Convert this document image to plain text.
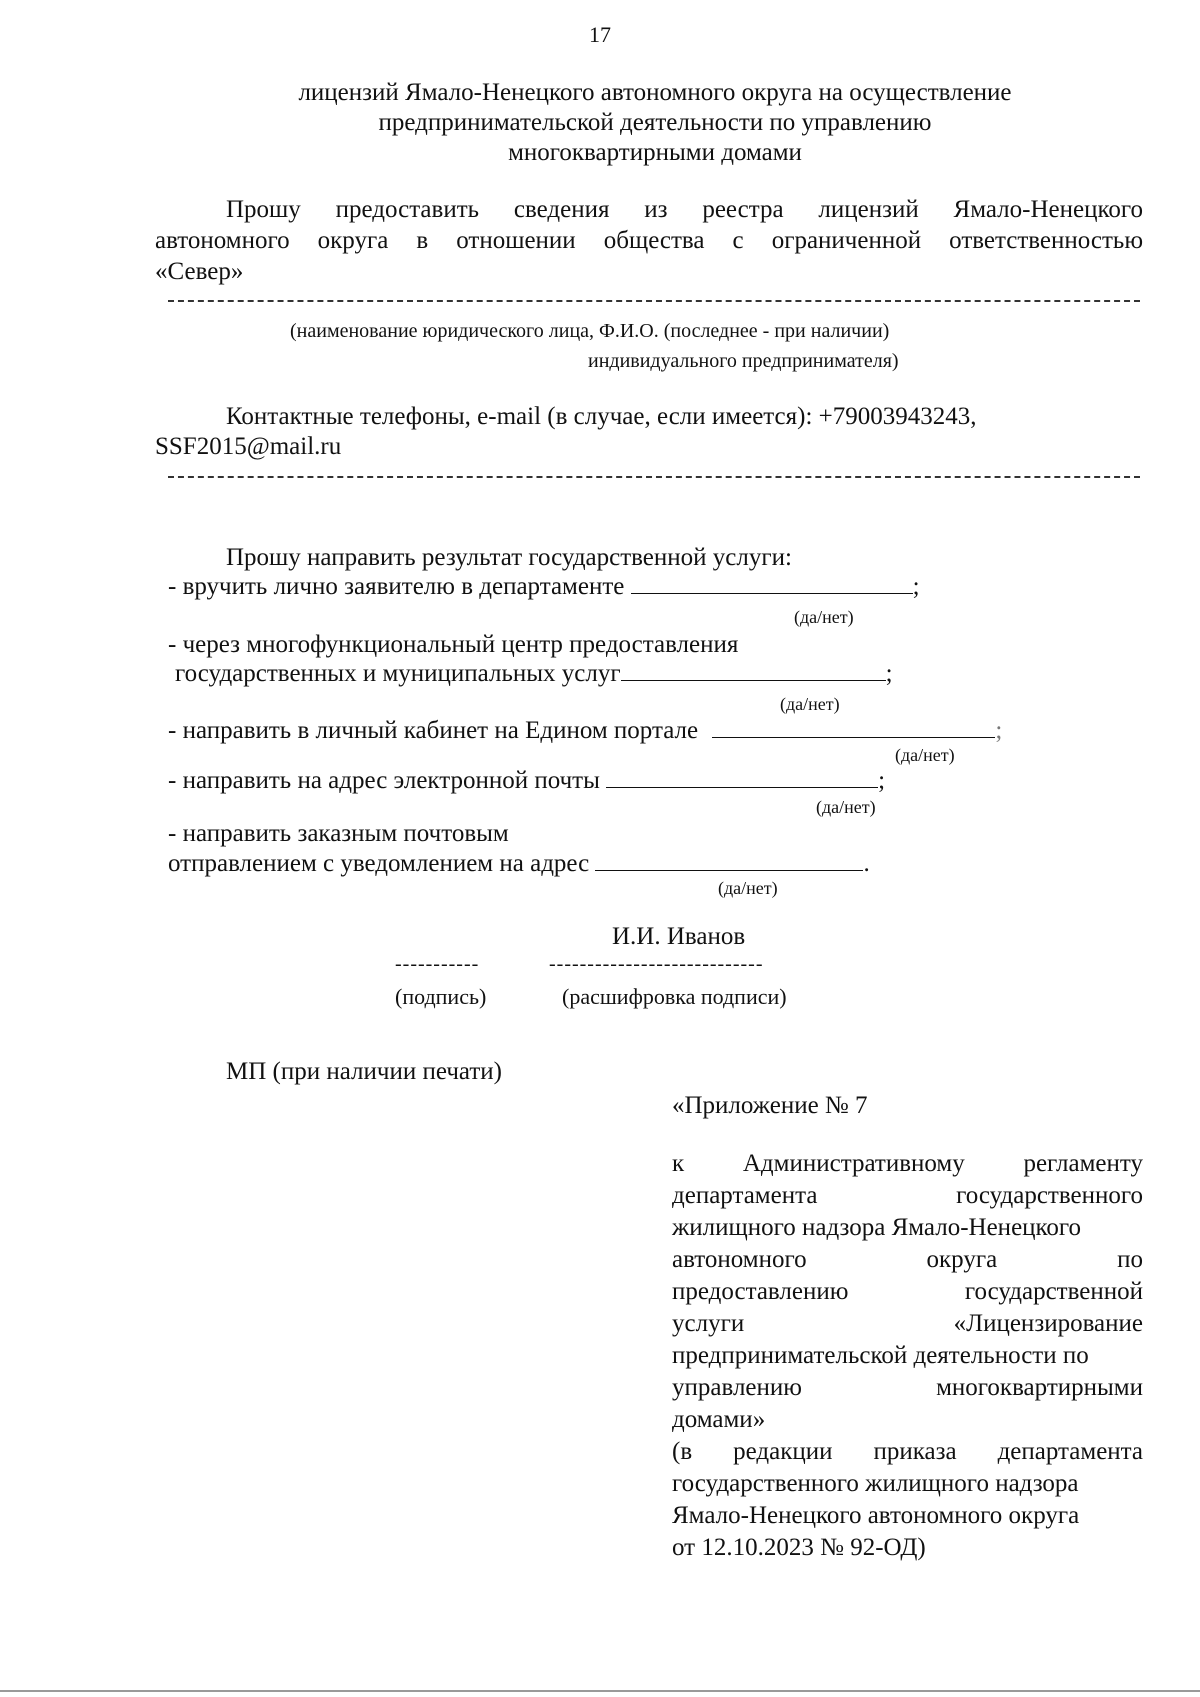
17
лицензий Ямало-Ненецкого автономного округа на осуществление
предпринимательской деятельности по управлению
многоквартирными домами
Прошу предоставить сведения из реестра лицензий Ямало-Ненецкого
автономного округа в отношении общества с ограниченной ответственностью
«Север»
(наименование юридического лица, Ф.И.О. (последнее - при наличии)
индивидуального предпринимателя)
Контактные телефоны, e-mail (в случае, если имеется): +79003943243,
SSF2015@mail.ru
Прошу направить результат государственной услуги:
- вручить лично заявителю в департаменте	;
(да/нет)
- через многофункциональный центр предоставления
государственных и муниципальных услуг	;
(да/нет)
- направить в личный кабинет на Едином портале	;
(да/нет)
- направить на адрес электронной почты	;
(да/нет)
- направить заказным почтовым
отправлением с уведомлением на адрес	.
(да/нет)
И.И. Иванов
-----------	----------------------------
(подпись)	(расшифровка подписи)
МП (при наличии печати)
«Приложение № 7
к Административному регламенту
департамента государственного
жилищного надзора Ямало-Ненецкого
автономного округа по
предоставлению государственной
услуги «Лицензирование
предпринимательской деятельности по
управлению многоквартирными
домами»
(в редакции приказа департамента
государственного жилищного надзора
Ямало-Ненецкого автономного округа
от 12.10.2023 № 92-ОД)
